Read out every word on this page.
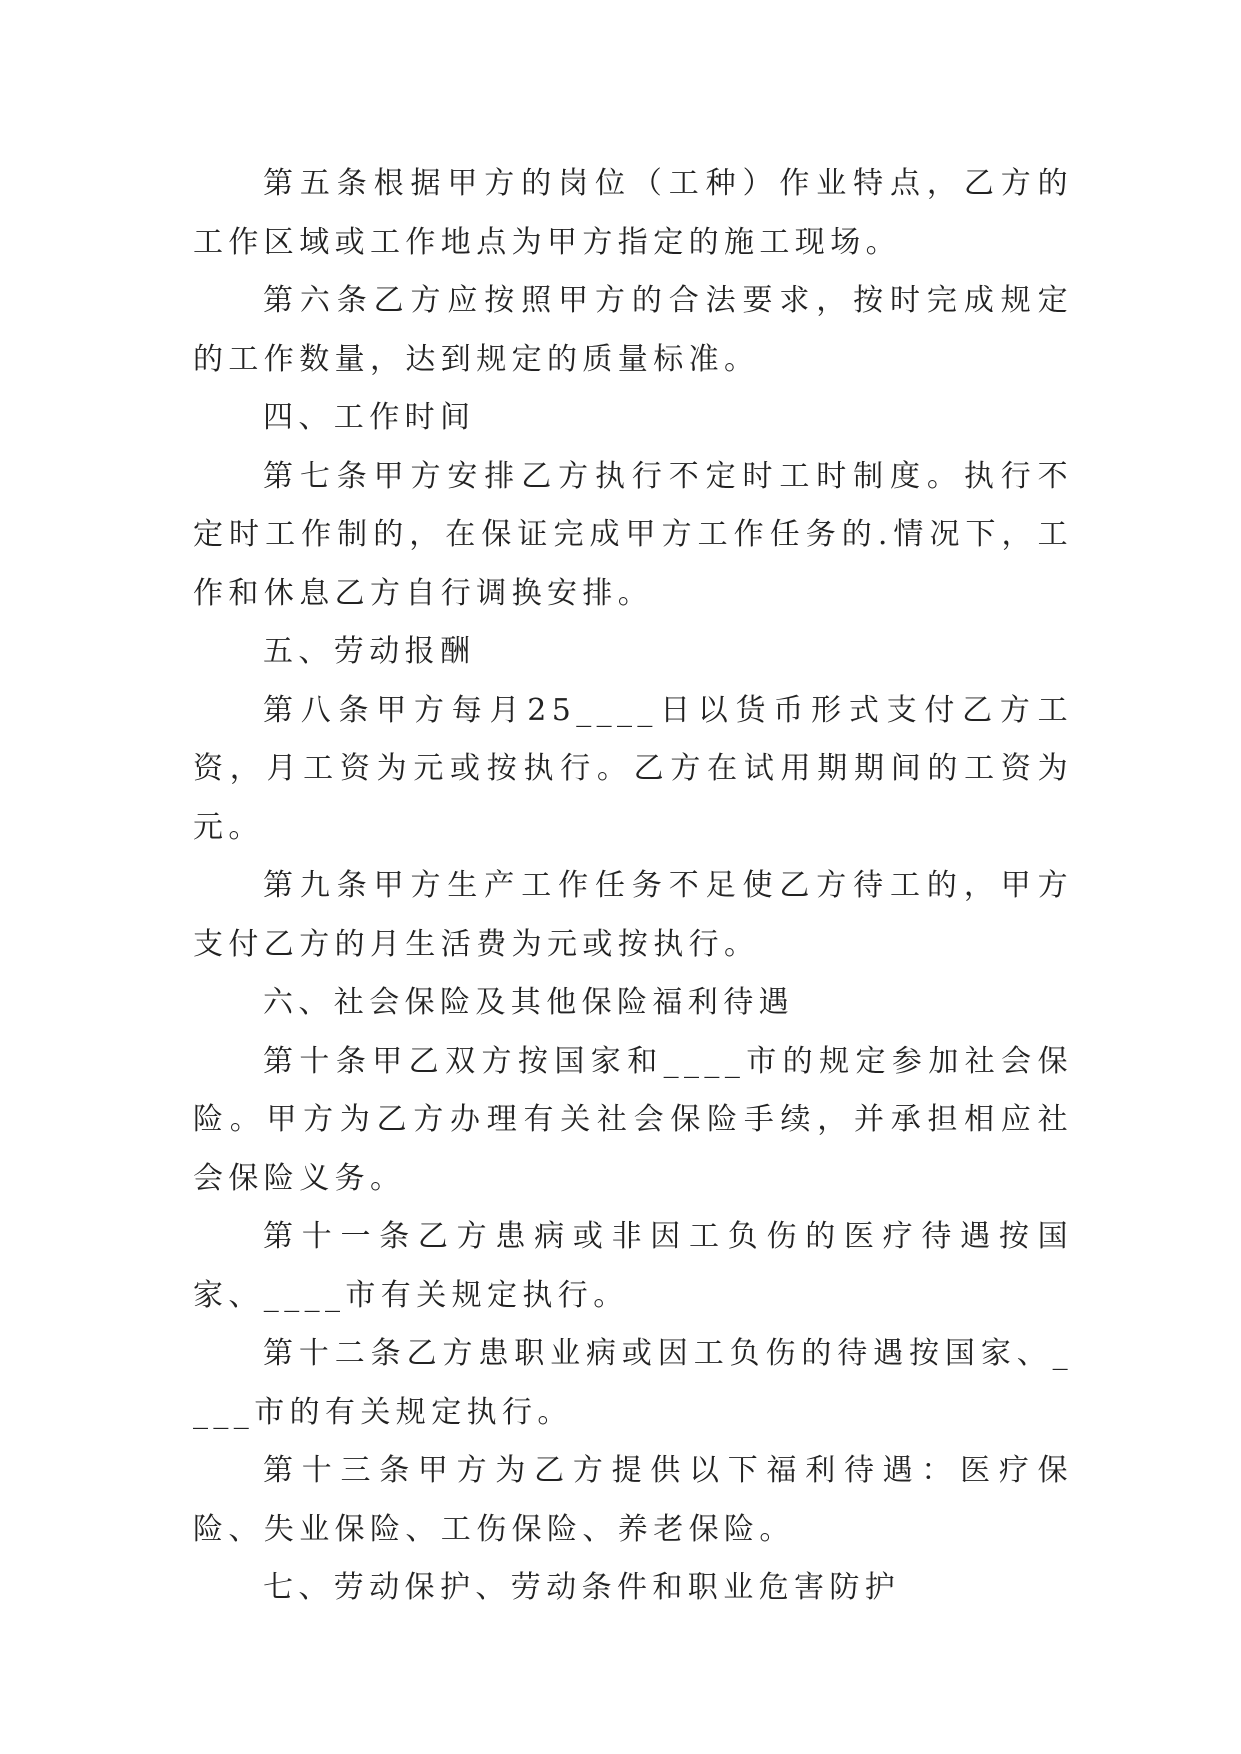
第五条根据甲方的岗位（工种）作业特点，乙方的工作区域或工作地点为甲方指定的施工现场。

第六条乙方应按照甲方的合法要求，按时完成规定的工作数量，达到规定的质量标准。

四、工作时间

第七条甲方安排乙方执行不定时工时制度。执行不定时工作制的，在保证完成甲方工作任务的.情况下，工作和休息乙方自行调换安排。

五、劳动报酬

第八条甲方每月25____日以货币形式支付乙方工资，月工资为元或按执行。乙方在试用期期间的工资为元。

第九条甲方生产工作任务不足使乙方待工的，甲方支付乙方的月生活费为元或按执行。

六、社会保险及其他保险福利待遇

第十条甲乙双方按国家和____市的规定参加社会保险。甲方为乙方办理有关社会保险手续，并承担相应社会保险义务。

第十一条乙方患病或非因工负伤的医疗待遇按国家、____市有关规定执行。

第十二条乙方患职业病或因工负伤的待遇按国家、____市的有关规定执行。

第十三条甲方为乙方提供以下福利待遇：医疗保险、失业保险、工伤保险、养老保险。

七、劳动保护、劳动条件和职业危害防护
